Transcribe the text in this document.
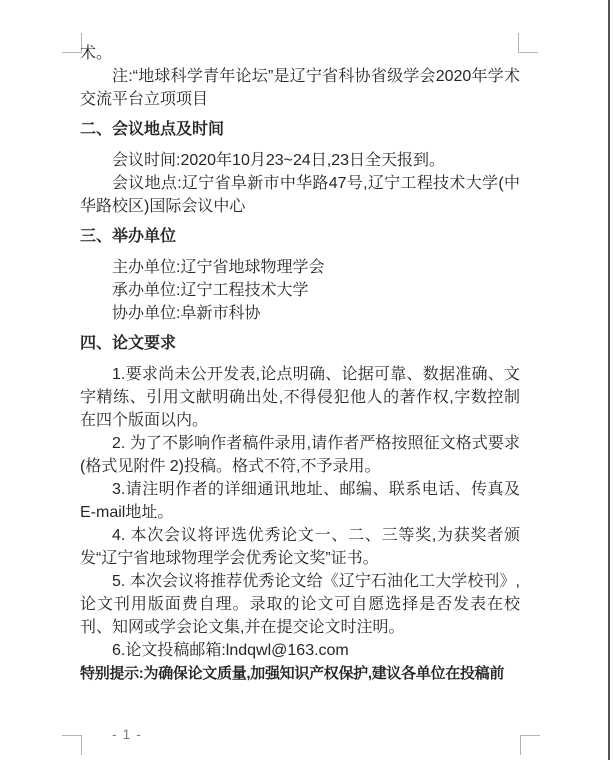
术。

注:“地球科学青年论坛”是辽宁省科协省级学会2020年学术交流平台立项项目

二、会议地点及时间

会议时间:2020年10月23~24日,23日全天报到。

会议地点:辽宁省阜新市中华路47号,辽宁工程技术大学(中华路校区)国际会议中心

三、举办单位

主办单位:辽宁省地球物理学会

承办单位:辽宁工程技术大学

协办单位:阜新市科协

四、论文要求

1.要求尚未公开发表,论点明确、论据可靠、数据准确、文字精练、引用文献明确出处,不得侵犯他人的著作权,字数控制在四个版面以内。

2. 为了不影响作者稿件录用,请作者严格按照征文格式要求(格式见附件 2)投稿。格式不符,不予录用。

3.请注明作者的详细通讯地址、邮编、联系电话、传真及E-mail地址。

4. 本次会议将评选优秀论文一、二、三等奖,为获奖者颁发“辽宁省地球物理学会优秀论文奖”证书。

5. 本次会议将推荐优秀论文给《辽宁石油化工大学校刊》,论文刊用版面费自理。录取的论文可自愿选择是否发表在校刊、知网或学会论文集,并在提交论文时注明。

6.论文投稿邮箱:lndqwl@163.com

特别提示:为确保论文质量,加强知识产权保护,建议各单位在投稿前

- 1 -
